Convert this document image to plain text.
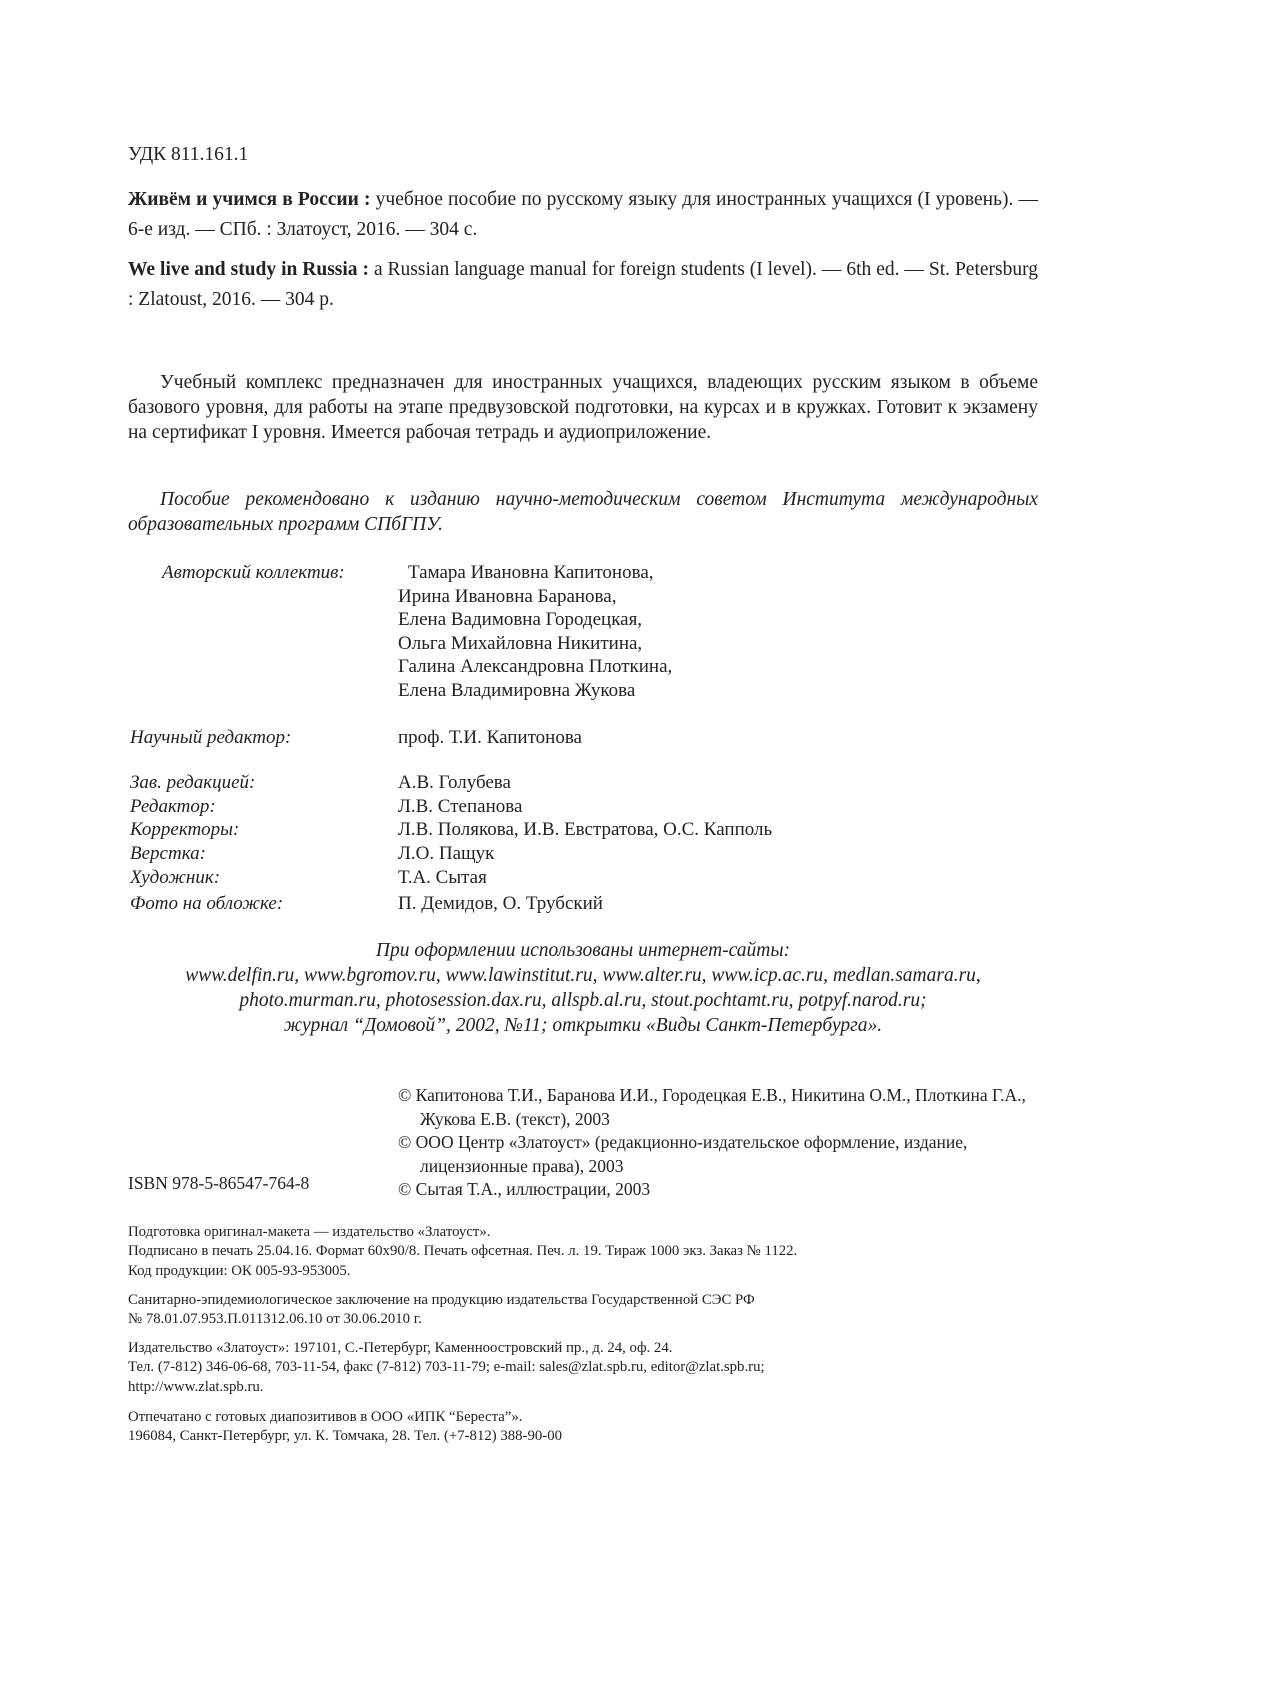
УДК 811.161.1
Живём и учимся в России : учебное пособие по русскому языку для иностранных учащихся (I уровень). — 6-е изд. — СПб. : Златоуст, 2016. — 304 с.
We live and study in Russia : a Russian language manual for foreign students (I level). — 6th ed. — St. Petersburg : Zlatoust, 2016. — 304 p.
Учебный комплекс предназначен для иностранных учащихся, владеющих русским языком в объеме базового уровня, для работы на этапе предвузовской подготовки, на курсах и в кружках. Готовит к экзамену на сертификат I уровня. Имеется рабочая тетрадь и аудиоприложение.
Пособие рекомендовано к изданию научно-методическим советом Института международных образовательных программ СПбГПУ.
Авторский коллектив:	Тамара Ивановна Капитонова,
Ирина Ивановна Баранова,
Елена Вадимовна Городецкая,
Ольга Михайловна Никитина,
Галина Александровна Плоткина,
Елена Владимировна Жукова
Научный редактор:	проф. Т.И. Капитонова
Зав. редакцией:	А.В. Голубева
Редактор:	Л.В. Степанова
Корректоры:	Л.В. Полякова, И.В. Евстратова, О.С. Капполь
Верстка:	Л.О. Пащук
Художник:	Т.А. Сытая
Фото на обложке:	П. Демидов, О. Трубский
При оформлении использованы интернет-сайты:
www.delfin.ru, www.bgromov.ru, www.lawinstitut.ru, www.alter.ru, www.icp.ac.ru, medlan.samara.ru,
photo.murman.ru, photosession.dax.ru, allspb.al.ru, stout.pochtamt.ru, potpyf.narod.ru;
журнал “Домовой”, 2002, №11; открытки «Виды Санкт-Петербурга».
© Капитонова Т.И., Баранова И.И., Городецкая Е.В., Никитина О.М., Плоткина Г.А., Жукова Е.В. (текст), 2003
© ООО Центр «Златоуст» (редакционно-издательское оформление, издание, лицензионные права), 2003
© Сытая Т.А., иллюстрации, 2003
ISBN 978-5-86547-764-8
Подготовка оригинал-макета — издательство «Златоуст».
Подписано в печать 25.04.16. Формат 60x90/8. Печать офсетная. Печ. л. 19. Тираж 1000 экз. Заказ № 1122.
Код продукции: ОК 005-93-953005.
Санитарно-эпидемиологическое заключение на продукцию издательства Государственной СЭС РФ
№ 78.01.07.953.П.011312.06.10 от 30.06.2010 г.
Издательство «Златоуст»: 197101, С.-Петербург, Каменноостровский пр., д. 24, оф. 24.
Тел. (7-812) 346-06-68, 703-11-54, факс (7-812) 703-11-79; e-mail: sales@zlat.spb.ru, editor@zlat.spb.ru;
http://www.zlat.spb.ru.
Отпечатано с готовых диапозитивов в ООО «ИПК “Береста”».
196084, Санкт-Петербург, ул. К. Томчака, 28. Тел. (+7-812) 388-90-00
